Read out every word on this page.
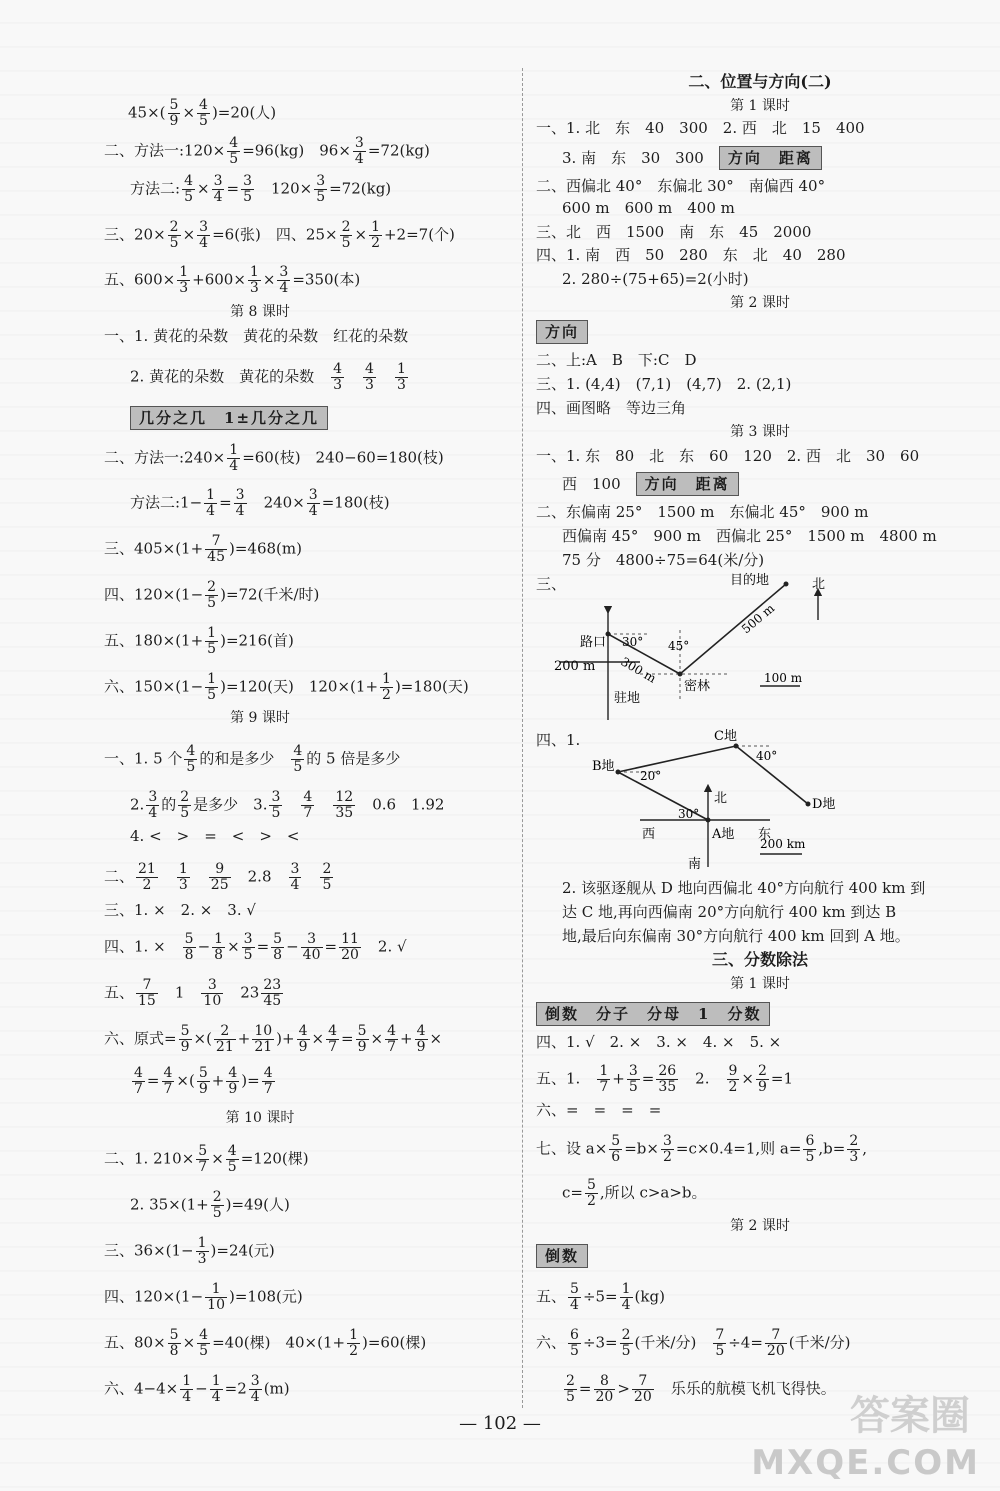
$45\times( \frac{5}{9} \times \frac{4}{5} )=20$(人)
二、方法一:120× $\frac{4}{5} =96(kg)$　$96\times \frac{3}{4} =72(kg)$
方法二: $\frac{4}{5} \times \frac{3}{4} = \frac{3}{5}$ 　$120\times \frac{3}{5} =72(kg)$
三、$20\times \frac{2}{5} \times \frac{3}{4} =6$(张)　四、$25\times \frac{2}{5} \times \frac{1}{2} +2=7$(个)
五、$600\times \frac{1}{3} +600\times \frac{1}{3} \times \frac{3}{4} =350$(本)
第 8 课时
一、1. 黄花的朵数　黄花的朵数　红花的朵数
2. 黄花的朵数　黄花的朵数　 $\frac{4}{3}$
　 $\frac{4}{3}$
　 $\frac{1}{3}$
几分之几　1±几分之几
二、方法一:240× $\frac{1}{4} =60$(枝)　240−60=180(枝)
方法二:1− $\frac{1}{4} = \frac{3}{4}$ 　$240\times \frac{3}{4} =180$(枝)
三、$405\times(1+ \frac{7}{45} )=468(m)$
四、$120\times(1- \frac{2}{5} )=72$(千米/时)
五、$180\times(1+ \frac{1}{5} )=216$(首)
六、$150\times(1- \frac{1}{5} )=120$(天)　$120\times(1+ \frac{1}{2} )=180$(天)
第 9 课时
一、1. 5 个 $\frac{4}{5}$ 的和是多少　 $\frac{4}{5}$ 的 5 倍是多少
2. $\frac{3}{4}$ 的 $\frac{2}{5}$ 是多少　3. $\frac{3}{5}$
　 $\frac{4}{7}$
　 $\frac{12}{35}$
　 0.6　1.92
4. <　>　=　<　>　<
二、 $\frac{21}{2}$
　 $\frac{1}{3}$
　 $\frac{9}{25}$
　 2.8　 $\frac{3}{4}$
　 $\frac{2}{5}$
三、1. ×　2. ×　3. √
四、1. ×　 $\frac{5}{8} - \frac{1}{8} \times \frac{3}{5} = \frac{5}{8} - \frac{3}{40} = \frac{11}{20}$
　 2. √
五、 $\frac{7}{15}$
　 1　 $\frac{3}{10}$
　 $23 \frac{23}{45}$
六、原式= $\frac{5}{9}$ ×( $\frac{2}{21} + \frac{10}{21}$ )+ $\frac{4}{9} \times \frac{4}{7} = \frac{5}{9} \times \frac{4}{7} + \frac{4}{9}$ ×
$\frac{4}{7} = \frac{4}{7}$ ×( $\frac{5}{9} + \frac{4}{9}$ )= $\frac{4}{7}$
第 10 课时
二、1. $210\times \frac{5}{7} \times \frac{4}{5} =120$(棵)
2. $35\times(1+ \frac{2}{5} )=49$(人)
三、$36\times(1- \frac{1}{3} )=24$(元)
四、$120\times(1- \frac{1}{10} )=108$(元)
五、$80\times \frac{5}{8} \times \frac{4}{5} =40$(棵)　$40\times(1+ \frac{1}{2} )=60$(棵)
六、$4-4\times \frac{1}{4} - \frac{1}{4} =2 \frac{3}{4} (m)$
二、位置与方向(二)
第 1 课时
一、1. 北　东　40　300　2. 西　北　15　400
3. 南　东　30　300　 方向　距离
二、西偏北 40°　东偏北 30°　南偏西 40°
600 m　600 m　400 m
三、北　西　1500　南　东　45　2000
四、1. 南　西　50　280　东　北　40　280
2. 280÷(75+65)=2(小时)
第 2 课时
方向
二、上:A　B　下:C　D
三、1. (4,4)　(7,1)　(4,7)　2. (2,1)
四、画图略　等边三角
第 3 课时
一、1. 东　80　北　东　60　120　2. 西　北　30　60
西　100　 方向　距离
二、东偏南 25°　1500 m　东偏北 45°　900 m
西偏南 45°　900 m　西偏北 25°　1500 m　4800 m
75 分　4800÷75=64(米/分)
三、	目的地	北
路口
300 m
500 m
30° 45°
200 m
密林
驻地
100 m
四、1.	C地
B地
D地
A地
40°
20°
30°
北
西	东
南
200 km
2. 该驱逐舰从 D 地向西偏北 40°方向航行 400 km 到
达 C 地,再向西偏南 20°方向航行 400 km 到达 B
地,最后向东偏南 30°方向航行 400 km 回到 A 地。
三、分数除法
第 1 课时
倒数　分子　分母　1　分数
四、1. √　2. ×　3. ×　4. ×　5. ×
五、1.　 $\frac{1}{7} + \frac{3}{5} = \frac{26}{35}$
　 2.　 $\frac{9}{2} \times \frac{2}{9} =1$
六、=　=　=　=
七、设 $a\times \frac{5}{6} =b\times \frac{3}{2} =c\times 0.4=1$,则 $a= \frac{6}{5} ,b= \frac{2}{3}$ ,
$c= \frac{5}{2}$ ,所以 c>a>b。
第 2 课时
倒数
五、 $\frac{5}{4} \div 5= \frac{1}{4} (kg)$
六、 $\frac{6}{5} \div 3= \frac{2}{5}$ (千米/分)　 $\frac{7}{5} \div 4= \frac{7}{20}$ (千米/分)
$\frac{2}{5} = \frac{8}{20} > \frac{7}{20}$ 　乐乐的航模飞机飞得快。
— 102 —	答案圈
MXQE.COM
